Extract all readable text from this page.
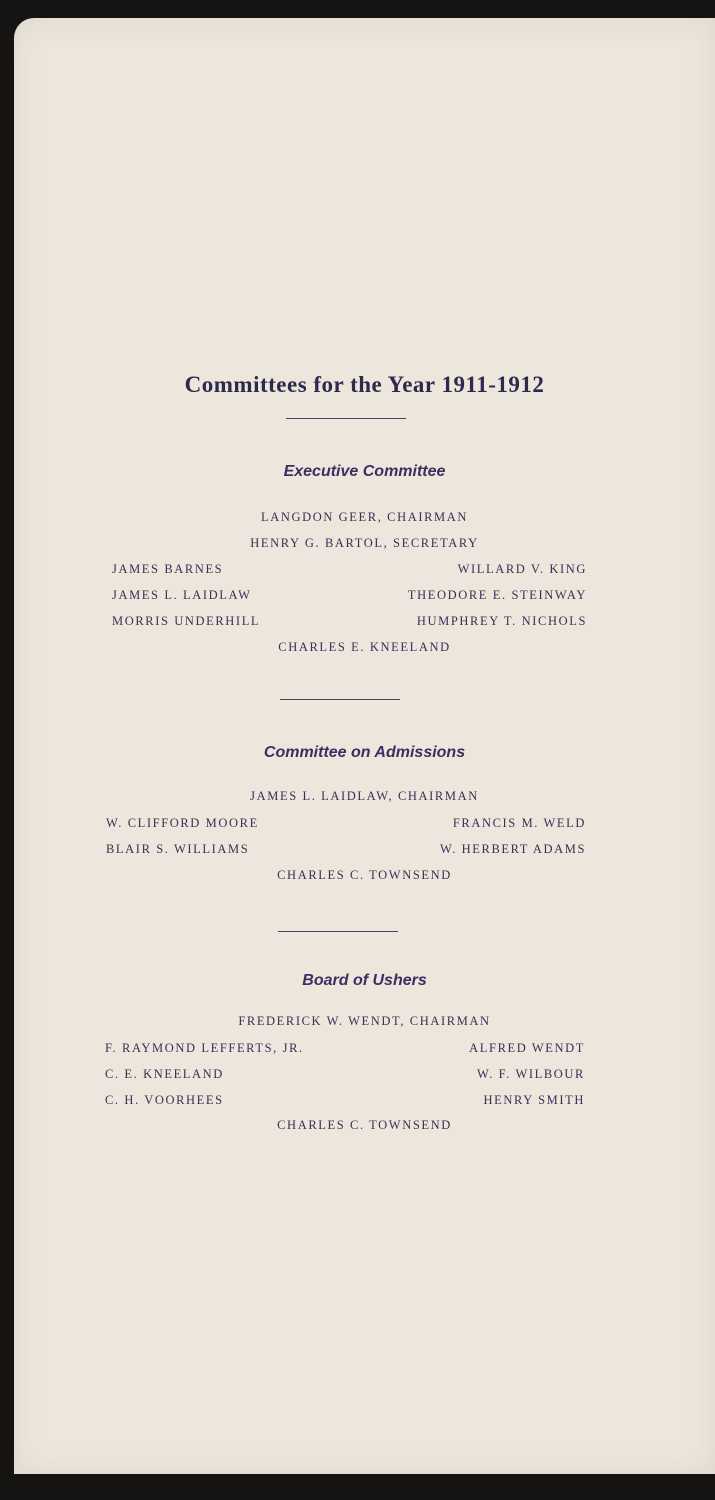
Committees for the Year 1911-1912
Executive Committee
LANGDON GEER, CHAIRMAN
HENRY G. BARTOL, SECRETARY
JAMES BARNES
JAMES L. LAIDLAW
MORRIS UNDERHILL
WILLARD V. KING
THEODORE E. STEINWAY
HUMPHREY T. NICHOLS
CHARLES E. KNEELAND
Committee on Admissions
JAMES L. LAIDLAW, CHAIRMAN
W. CLIFFORD MOORE
BLAIR S. WILLIAMS
FRANCIS M. WELD
W. HERBERT ADAMS
CHARLES C. TOWNSEND
Board of Ushers
FREDERICK W. WENDT, CHAIRMAN
F. RAYMOND LEFFERTS, JR.
C. E. KNEELAND
C. H. VOORHEES
ALFRED WENDT
W. F. WILBOUR
HENRY SMITH
CHARLES C. TOWNSEND
